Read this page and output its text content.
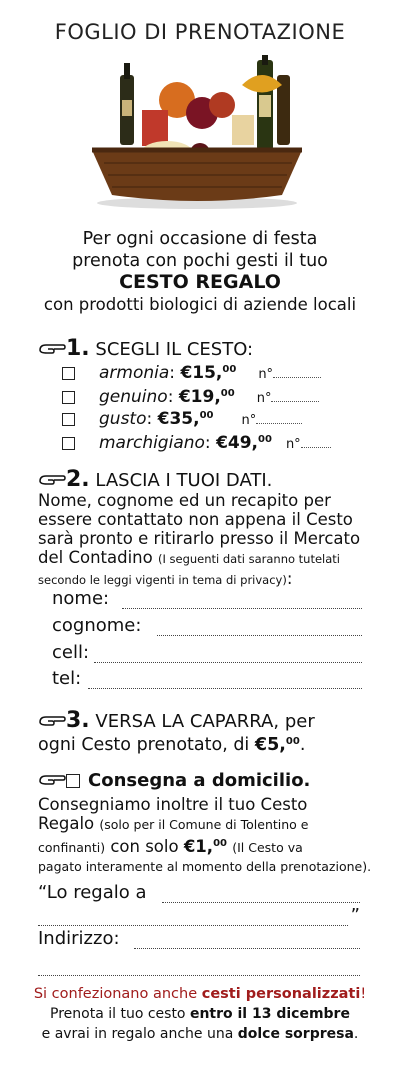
FOGLIO DI PRENOTAZIONE
Per ogni occasione di festa
prenota con pochi gesti il tuo
CESTO REGALO
con prodotti biologici di aziende locali
1. SCEGLI IL CESTO:
armonia: €15,00 n°
genuino: €19,00 n°
gusto: €35,00 n°
marchigiano: €49,00 n°
2. LASCIA I TUOI DATI.
Nome, cognome ed un recapito per essere contattato non appena il Cesto sarà pronto e ritirarlo presso il Mercato del Contadino (I seguenti dati saranno tutelati secondo le leggi vigenti in tema di privacy):
nome:
cognome:
cell:
tel:
3. VERSA LA CAPARRA, per
ogni Cesto prenotato, di €5,00.
Consegna a domicilio.
Consegniamo inoltre il tuo Cesto
Regalo (solo per il Comune di Tolentino e
confinanti) con solo €1,00 (Il Cesto va
pagato interamente al momento della prenotazione).
“Lo regalo a
”
Indirizzo:
Si confezionano anche cesti personalizzati!
Prenota il tuo cesto entro il 13 dicembre
e avrai in regalo anche una dolce sorpresa.
